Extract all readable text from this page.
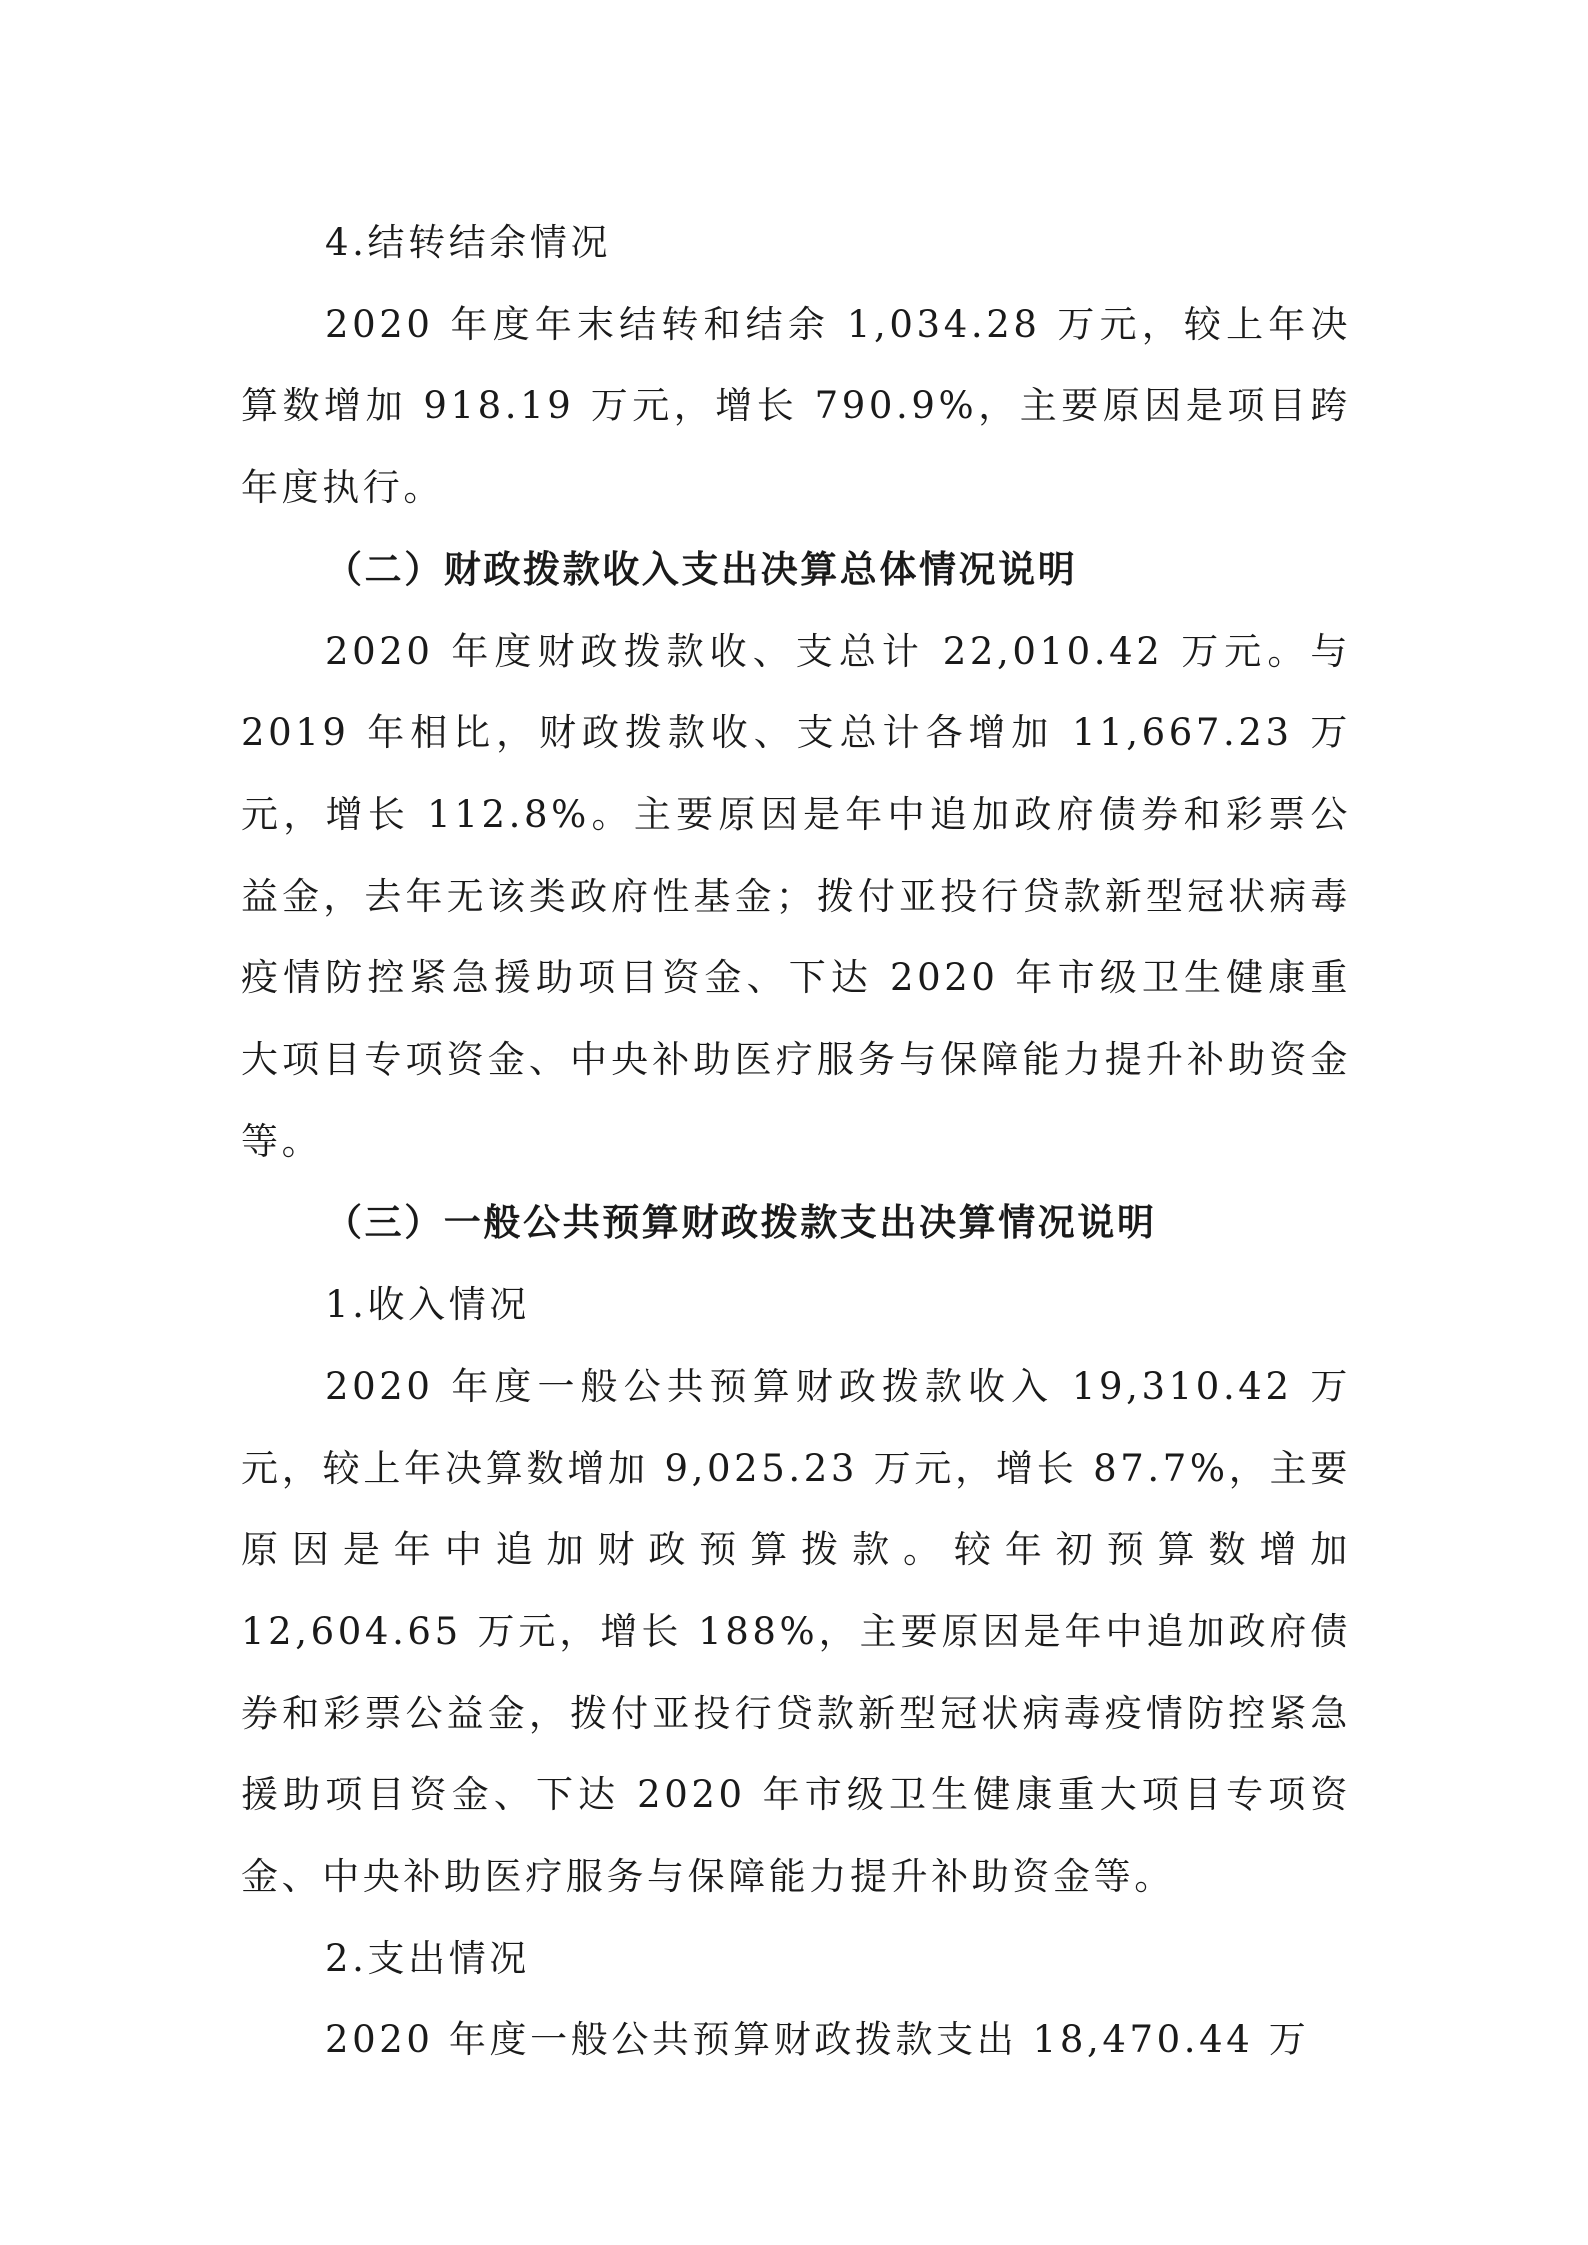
4.结转结余情况

2020 年度年末结转和结余 1,034.28 万元，较上年决算数增加 918.19 万元，增长 790.9%，主要原因是项目跨年度执行。

（二）财政拨款收入支出决算总体情况说明

2020 年度财政拨款收、支总计 22,010.42 万元。与 2019 年相比，财政拨款收、支总计各增加 11,667.23 万元，增长 112.8%。主要原因是年中追加政府债券和彩票公益金，去年无该类政府性基金；拨付亚投行贷款新型冠状病毒疫情防控紧急援助项目资金、下达 2020 年市级卫生健康重大项目专项资金、中央补助医疗服务与保障能力提升补助资金等。

（三）一般公共预算财政拨款支出决算情况说明

1.收入情况

2020 年度一般公共预算财政拨款收入 19,310.42 万元，较上年决算数增加 9,025.23 万元，增长 87.7%，主要原因是年中追加财政预算拨款。较年初预算数增加 12,604.65 万元，增长 188%，主要原因是年中追加政府债券和彩票公益金，拨付亚投行贷款新型冠状病毒疫情防控紧急援助项目资金、下达 2020 年市级卫生健康重大项目专项资金、中央补助医疗服务与保障能力提升补助资金等。

2.支出情况

2020 年度一般公共预算财政拨款支出 18,470.44 万
